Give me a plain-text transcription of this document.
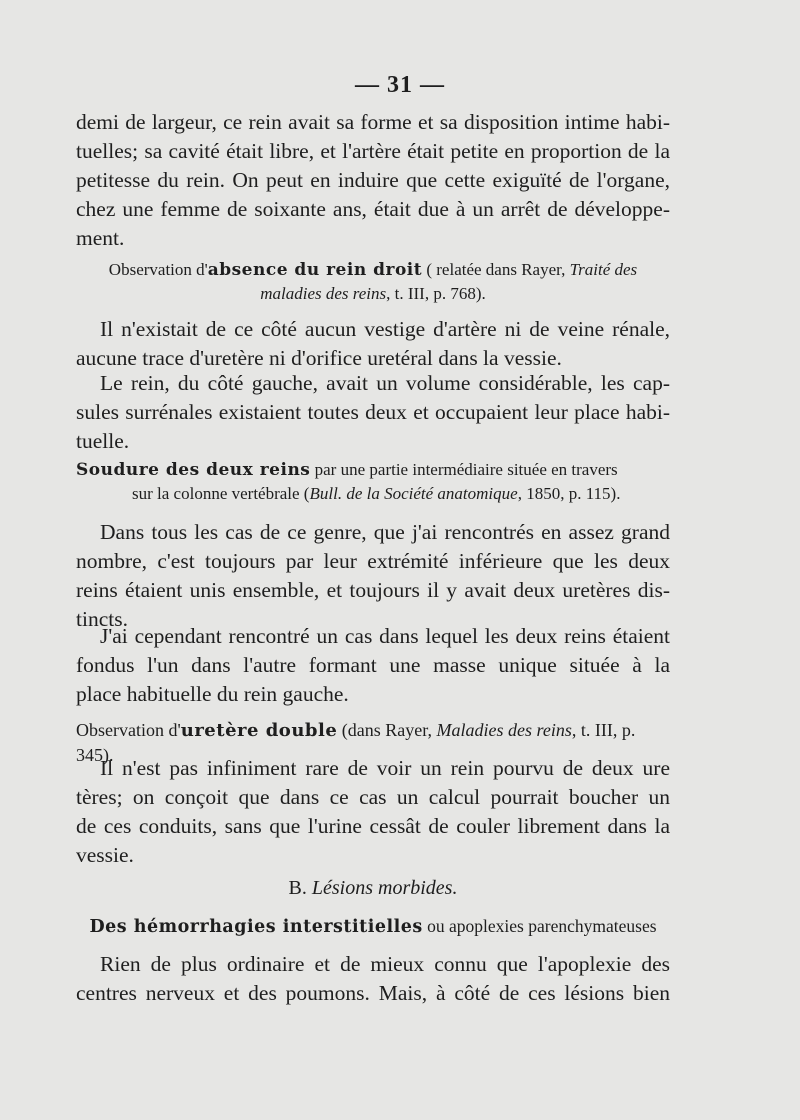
— 31 —

demi de largeur, ce rein avait sa forme et sa disposition intime habi-
tuelles; sa cavité était libre, et l'artère était petite en proportion de la
petitesse du rein. On peut en induire que cette exiguïté de l'organe,
chez une femme de soixante ans, était due à un arrêt de développe-
ment.

Observation d'absence du rein droit ( relatée dans Rayer, Traité des
maladies des reins, t. III, p. 768).

Il n'existait de ce côté aucun vestige d'artère ni de veine rénale,
aucune trace d'uretère ni d'orifice uretéral dans la vessie.

Le rein, du côté gauche, avait un volume considérable, les cap-
sules surrénales existaient toutes deux et occupaient leur place habi-
tuelle.

Soudure des deux reins par une partie intermédiaire située en travers
sur la colonne vertébrale (Bull. de la Société anatomique, 1850, p. 115).

Dans tous les cas de ce genre, que j'ai rencontrés en assez grand
nombre, c'est toujours par leur extrémité inférieure que les deux
reins étaient unis ensemble, et toujours il y avait deux uretères dis-
tincts.

J'ai cependant rencontré un cas dans lequel les deux reins étaient
fondus l'un dans l'autre formant une masse unique située à la
place habituelle du rein gauche.

Observation d'uretère double (dans Rayer, Maladies des reins, t. III, p. 345).

Il n'est pas infiniment rare de voir un rein pourvu de deux ure
tères; on conçoit que dans ce cas un calcul pourrait boucher un
de ces conduits, sans que l'urine cessât de couler librement dans la
vessie.

B. Lésions morbides.

Des hémorrhagies interstitielles ou apoplexies parenchymateuses

Rien de plus ordinaire et de mieux connu que l'apoplexie des
centres nerveux et des poumons. Mais, à côté de ces lésions bien
